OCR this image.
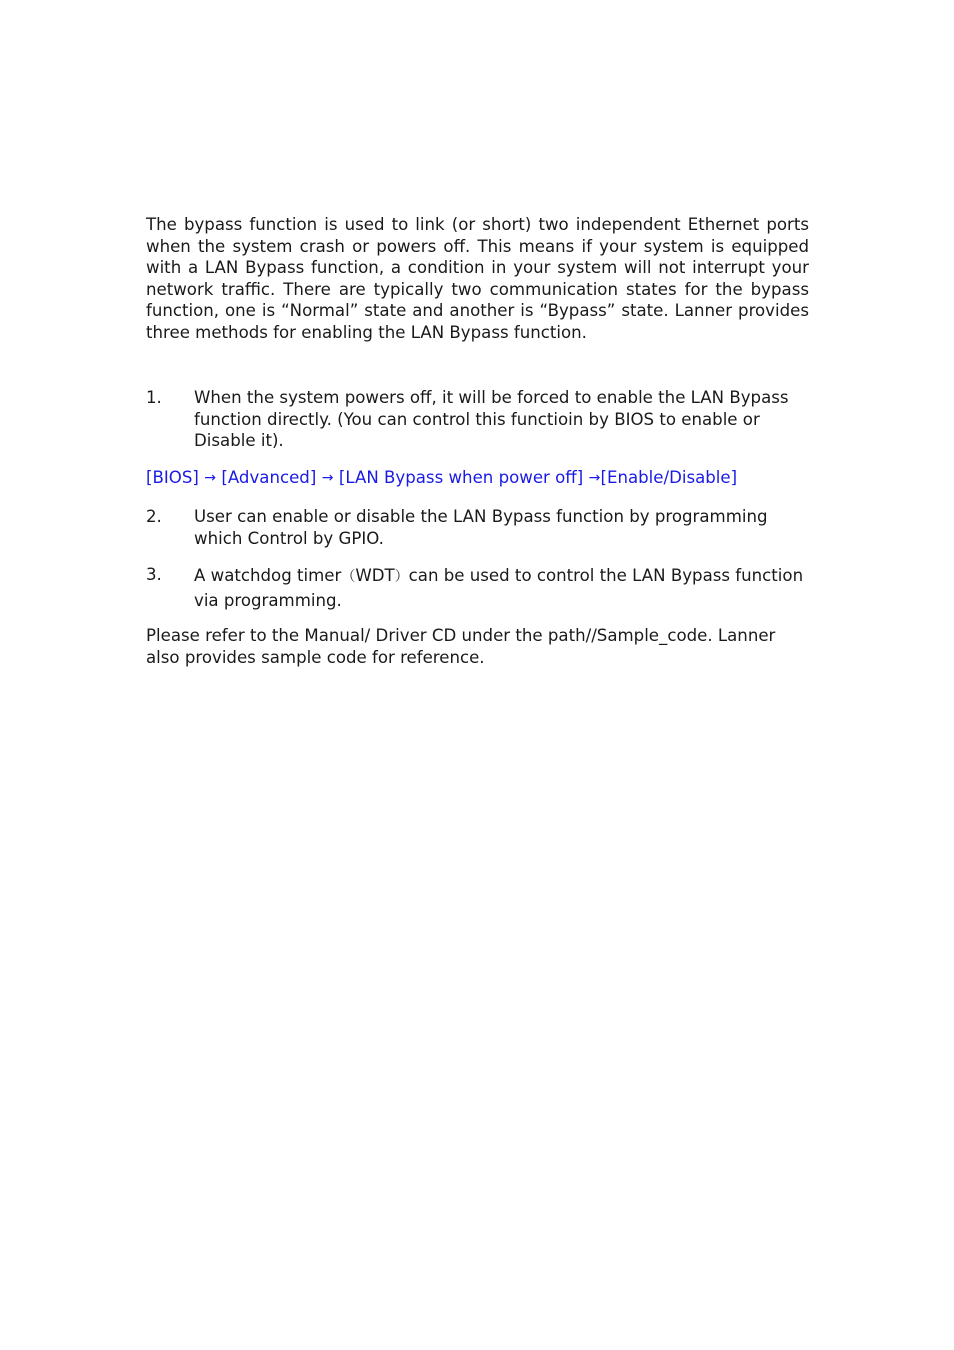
The bypass function is used to link (or short) two independent Ethernet ports when the system crash or powers off. This means if your system is equipped with a LAN Bypass function, a condition in your system will not interrupt your network traffic. There are typically two communication states for the bypass function, one is “Normal” state and another is “Bypass” state. Lanner provides three methods for enabling the LAN Bypass function.

1.	When the system powers off, it will be forced to enable the LAN Bypass function directly. (You can control this functioin by BIOS to enable or Disable it).

[BIOS] → [Advanced] → [LAN Bypass when power off] →[Enable/Disable]

2.	User can enable or disable the LAN Bypass function by programming which Control by GPIO.
3.	A watchdog timer（WDT）can be used to control the LAN Bypass function via programming.

Please refer to the Manual/ Driver CD under the path//Sample_code. Lanner also provides sample code for reference.
